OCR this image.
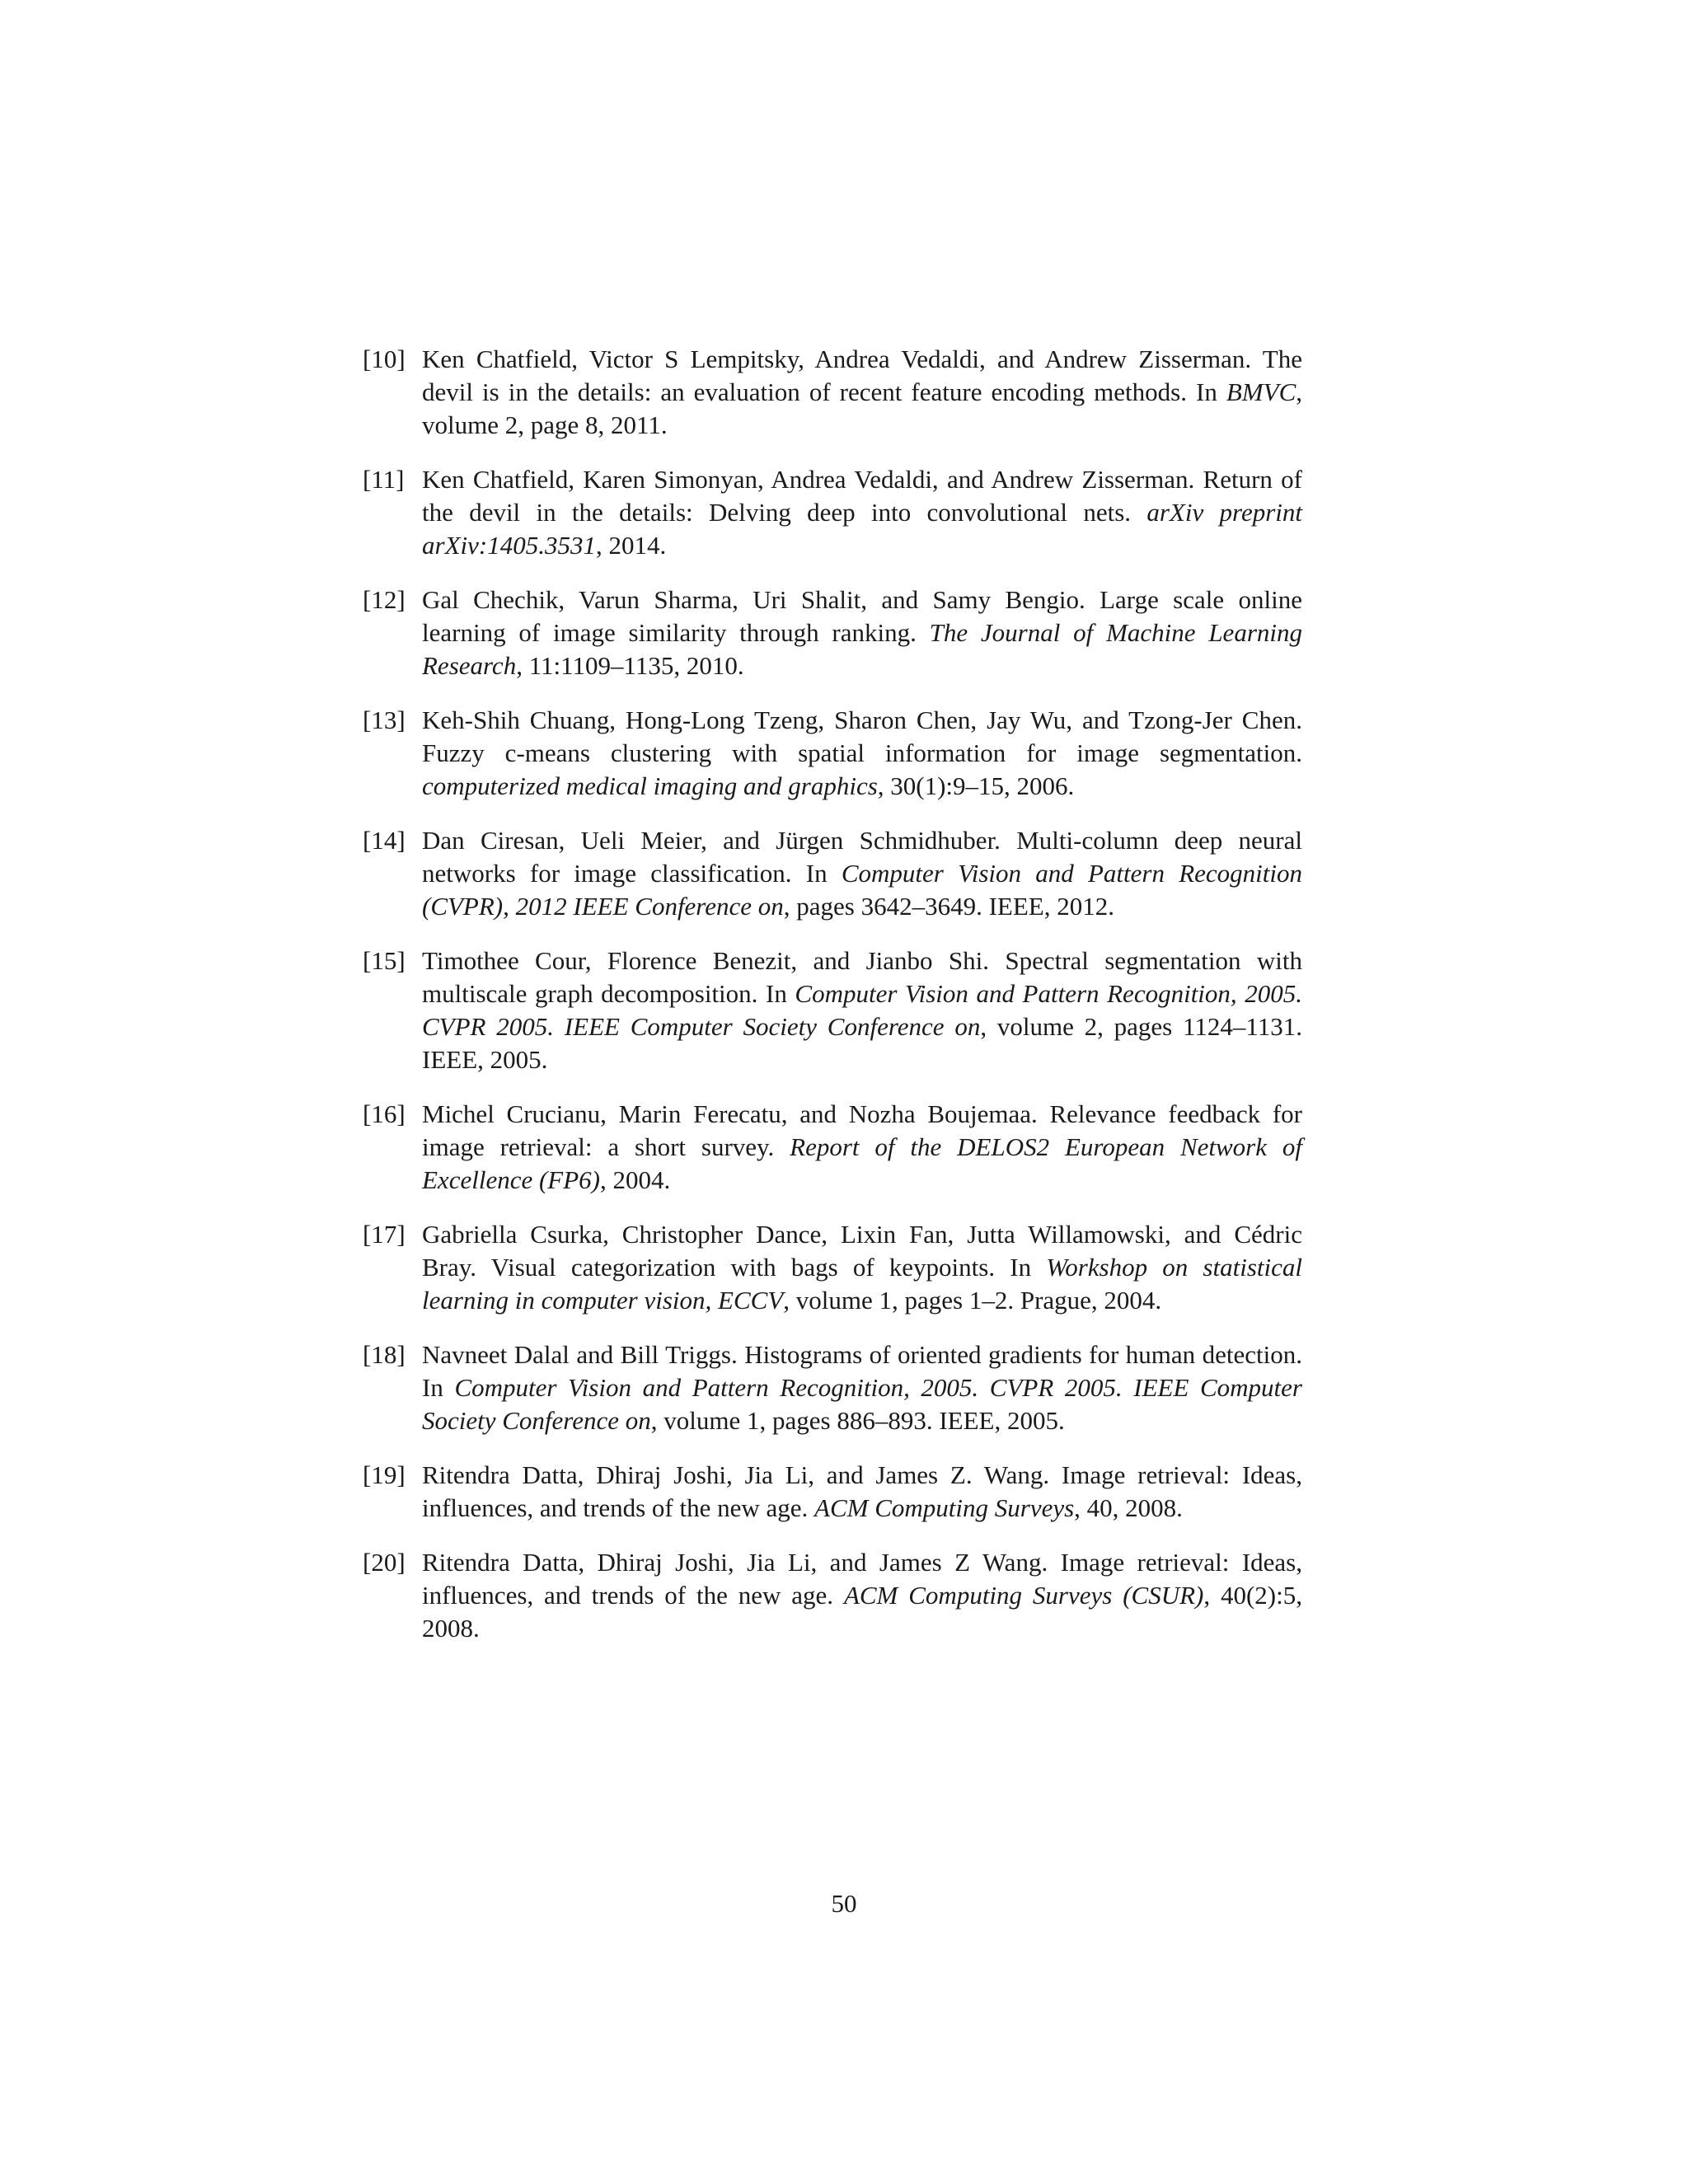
[10] Ken Chatfield, Victor S Lempitsky, Andrea Vedaldi, and Andrew Zisserman. The devil is in the details: an evaluation of recent feature encoding methods. In BMVC, volume 2, page 8, 2011.
[11] Ken Chatfield, Karen Simonyan, Andrea Vedaldi, and Andrew Zisserman. Return of the devil in the details: Delving deep into convolutional nets. arXiv preprint arXiv:1405.3531, 2014.
[12] Gal Chechik, Varun Sharma, Uri Shalit, and Samy Bengio. Large scale online learning of image similarity through ranking. The Journal of Machine Learning Research, 11:1109–1135, 2010.
[13] Keh-Shih Chuang, Hong-Long Tzeng, Sharon Chen, Jay Wu, and Tzong-Jer Chen. Fuzzy c-means clustering with spatial information for image segmentation. computerized medical imaging and graphics, 30(1):9–15, 2006.
[14] Dan Ciresan, Ueli Meier, and Jürgen Schmidhuber. Multi-column deep neural networks for image classification. In Computer Vision and Pattern Recognition (CVPR), 2012 IEEE Conference on, pages 3642–3649. IEEE, 2012.
[15] Timothee Cour, Florence Benezit, and Jianbo Shi. Spectral segmentation with multiscale graph decomposition. In Computer Vision and Pattern Recognition, 2005. CVPR 2005. IEEE Computer Society Conference on, volume 2, pages 1124–1131. IEEE, 2005.
[16] Michel Crucianu, Marin Ferecatu, and Nozha Boujemaa. Relevance feedback for image retrieval: a short survey. Report of the DELOS2 European Network of Excellence (FP6), 2004.
[17] Gabriella Csurka, Christopher Dance, Lixin Fan, Jutta Willamowski, and Cédric Bray. Visual categorization with bags of keypoints. In Workshop on statistical learning in computer vision, ECCV, volume 1, pages 1–2. Prague, 2004.
[18] Navneet Dalal and Bill Triggs. Histograms of oriented gradients for human detection. In Computer Vision and Pattern Recognition, 2005. CVPR 2005. IEEE Computer Society Conference on, volume 1, pages 886–893. IEEE, 2005.
[19] Ritendra Datta, Dhiraj Joshi, Jia Li, and James Z. Wang. Image retrieval: Ideas, influences, and trends of the new age. ACM Computing Surveys, 40, 2008.
[20] Ritendra Datta, Dhiraj Joshi, Jia Li, and James Z Wang. Image retrieval: Ideas, influences, and trends of the new age. ACM Computing Surveys (CSUR), 40(2):5, 2008.
50
